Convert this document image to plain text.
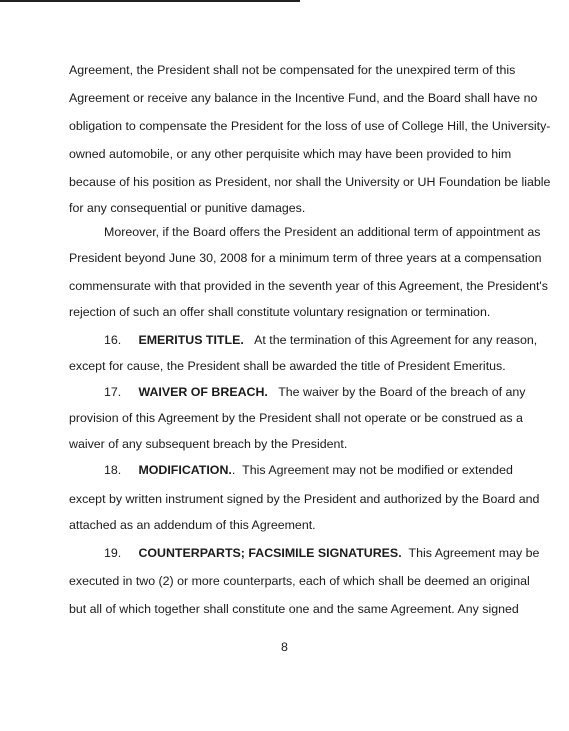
Agreement, the President shall not be compensated for the unexpired term of this
Agreement or receive any balance in the Incentive Fund, and the Board shall have no
obligation to compensate the President for the loss of use of College Hill, the University-
owned automobile, or any other perquisite which may have been provided to him
because of his position as President, nor shall the University or UH Foundation be liable
for any consequential or punitive damages.
Moreover, if the Board offers the President an additional term of appointment as
President beyond June 30, 2008 for a minimum term of three years at a compensation
commensurate with that provided in the seventh year of this Agreement, the President's
rejection of such an offer shall constitute voluntary resignation or termination.
16. EMERITUS TITLE. At the termination of this Agreement for any reason,
except for cause, the President shall be awarded the title of President Emeritus.
17. WAIVER OF BREACH. The waiver by the Board of the breach of any
provision of this Agreement by the President shall not operate or be construed as a
waiver of any subsequent breach by the President.
18. MODIFICATION..  This Agreement may not be modified or extended
except by written instrument signed by the President and authorized by the Board and
attached as an addendum of this Agreement.
19. COUNTERPARTS; FACSIMILE SIGNATURES. This Agreement may be
executed in two (2) or more counterparts, each of which shall be deemed an original
but all of which together shall constitute one and the same Agreement. Any signed
8
